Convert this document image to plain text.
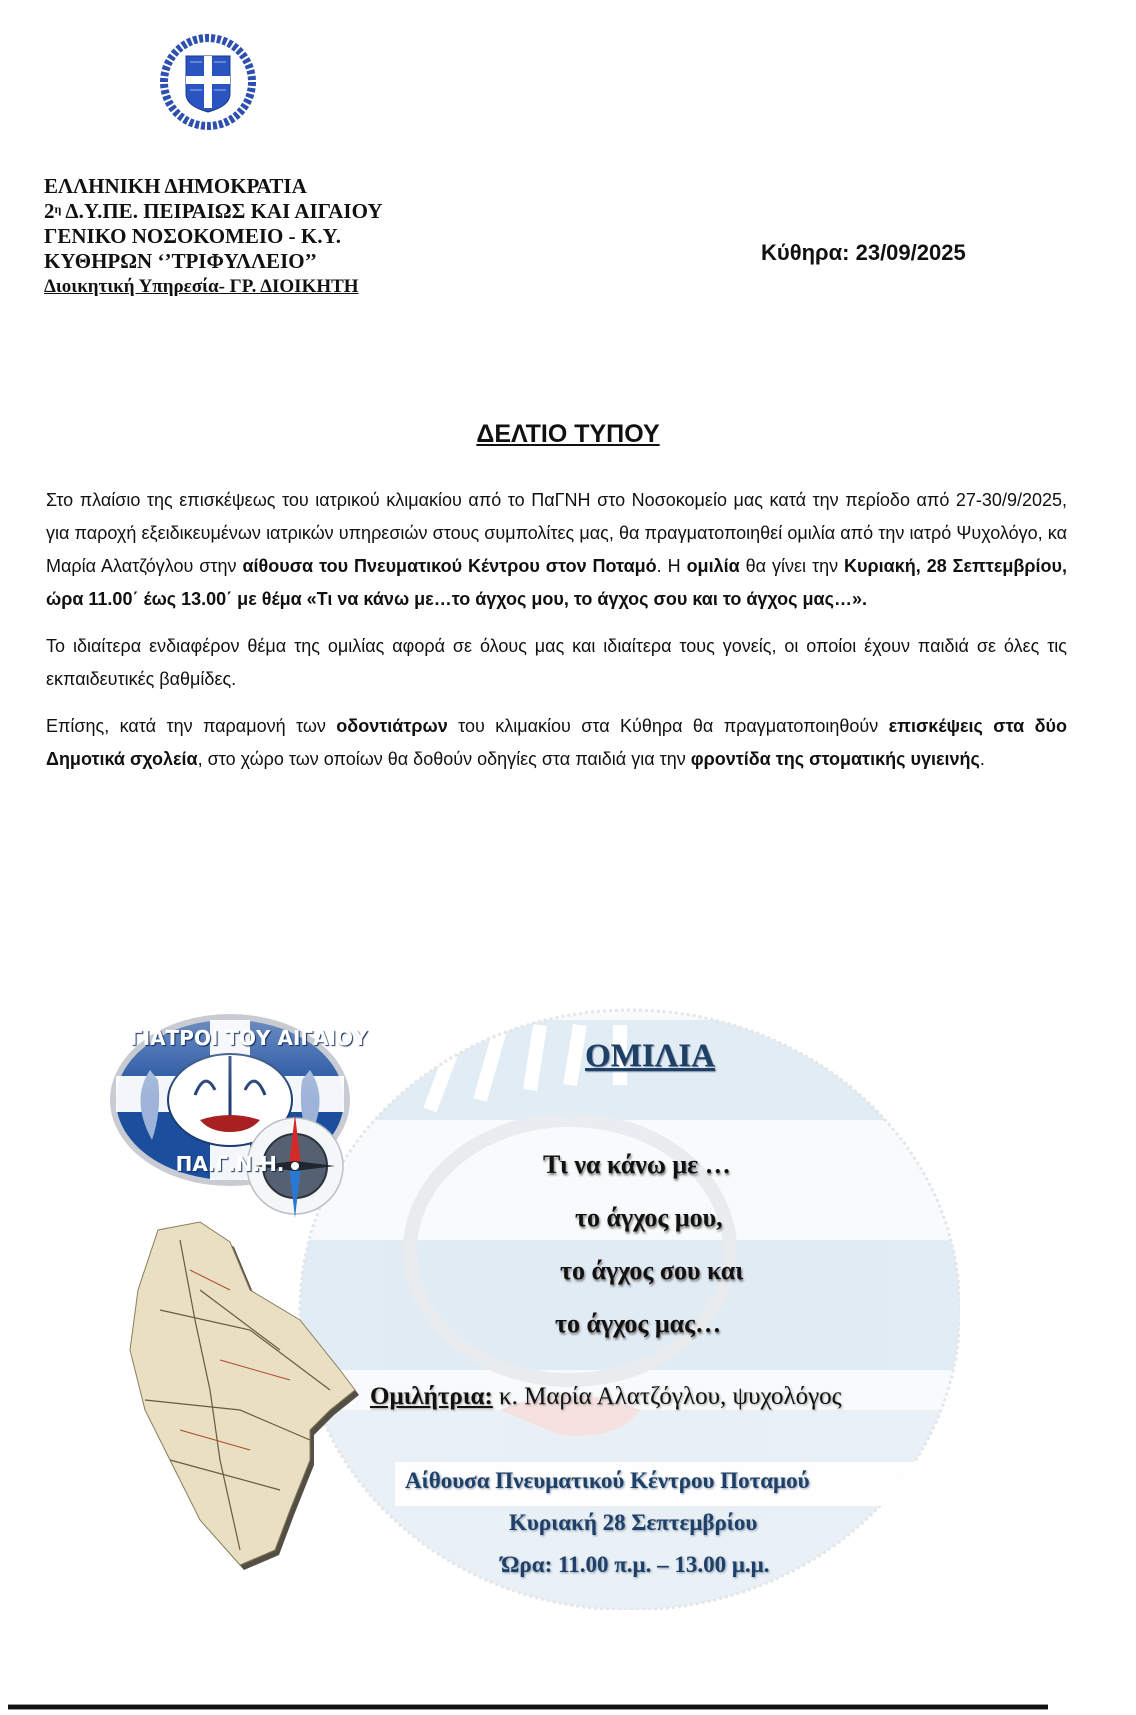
ΕΛΛΗΝΙΚΗ ΔΗΜΟΚΡΑΤΙΑ
$2^\eta$ Δ.Υ.ΠΕ. ΠΕΙΡΑΙΩΣ ΚΑΙ ΑΙΓΑΙΟΥ
ΓΕΝΙΚΟ ΝΟΣΟΚΟΜΕΙΟ - Κ.Υ.
ΚΥΘΗΡΩΝ ‘’ΤΡΙΦΥΛΛΕΙΟ’’
Διοικητική Υπηρεσία- ΓΡ. ΔΙΟΙΚΗΤΗ
Κύθηρα: 23/09/2025
ΔΕΛΤΙΟ ΤΥΠΟΥ

Στο πλαίσιο της επισκέψεως του ιατρικού κλιμακίου από το ΠαΓΝΗ στο Νοσοκομείο μας κατά την περίοδο από 27-30/9/2025, για παροχή εξειδικευμένων ιατρικών υπηρεσιών στους συμπολίτες μας, θα πραγματοποιηθεί ομιλία από την ιατρό Ψυχολόγο, κα Μαρία Αλατζόγλου στην αίθουσα του Πνευματικού Κέντρου στον Ποταμό. Η ομιλία θα γίνει την Κυριακή, 28 Σεπτεμβρίου, ώρα 11.00΄ έως 13.00΄ με θέμα «Τι να κάνω με…το άγχος μου, το άγχος σου και το άγχος μας…».

Το ιδιαίτερα ενδιαφέρον θέμα της ομιλίας αφορά σε όλους μας και ιδιαίτερα τους γονείς, οι οποίοι έχουν παιδιά σε όλες τις εκπαιδευτικές βαθμίδες.

Επίσης, κατά την παραμονή των οδοντιάτρων του κλιμακίου στα Κύθηρα θα πραγματοποιηθούν επισκέψεις στα δύο Δημοτικά σχολεία, στο χώρο των οποίων θα δοθούν οδηγίες στα παιδιά για την φροντίδα της στοματικής υγιεινής.

ΓΙΑΤΡΟΙ ΤΟΥ ΑΙΓΑΙΟΥ
ΠΑ.Γ.Ν.Η.
ΟΜΙΛΙΑ
Τι να κάνω με …
το άγχος μου,
το άγχος σου και
το άγχος μας…
Ομιλήτρια: κ. Μαρία Αλατζόγλου, ψυχολόγος
Αίθουσα Πνευματικού Κέντρου Ποταμού
Κυριακή 28 Σεπτεμβρίου
Ώρα: 11.00 π.μ. – 13.00 μ.μ.
